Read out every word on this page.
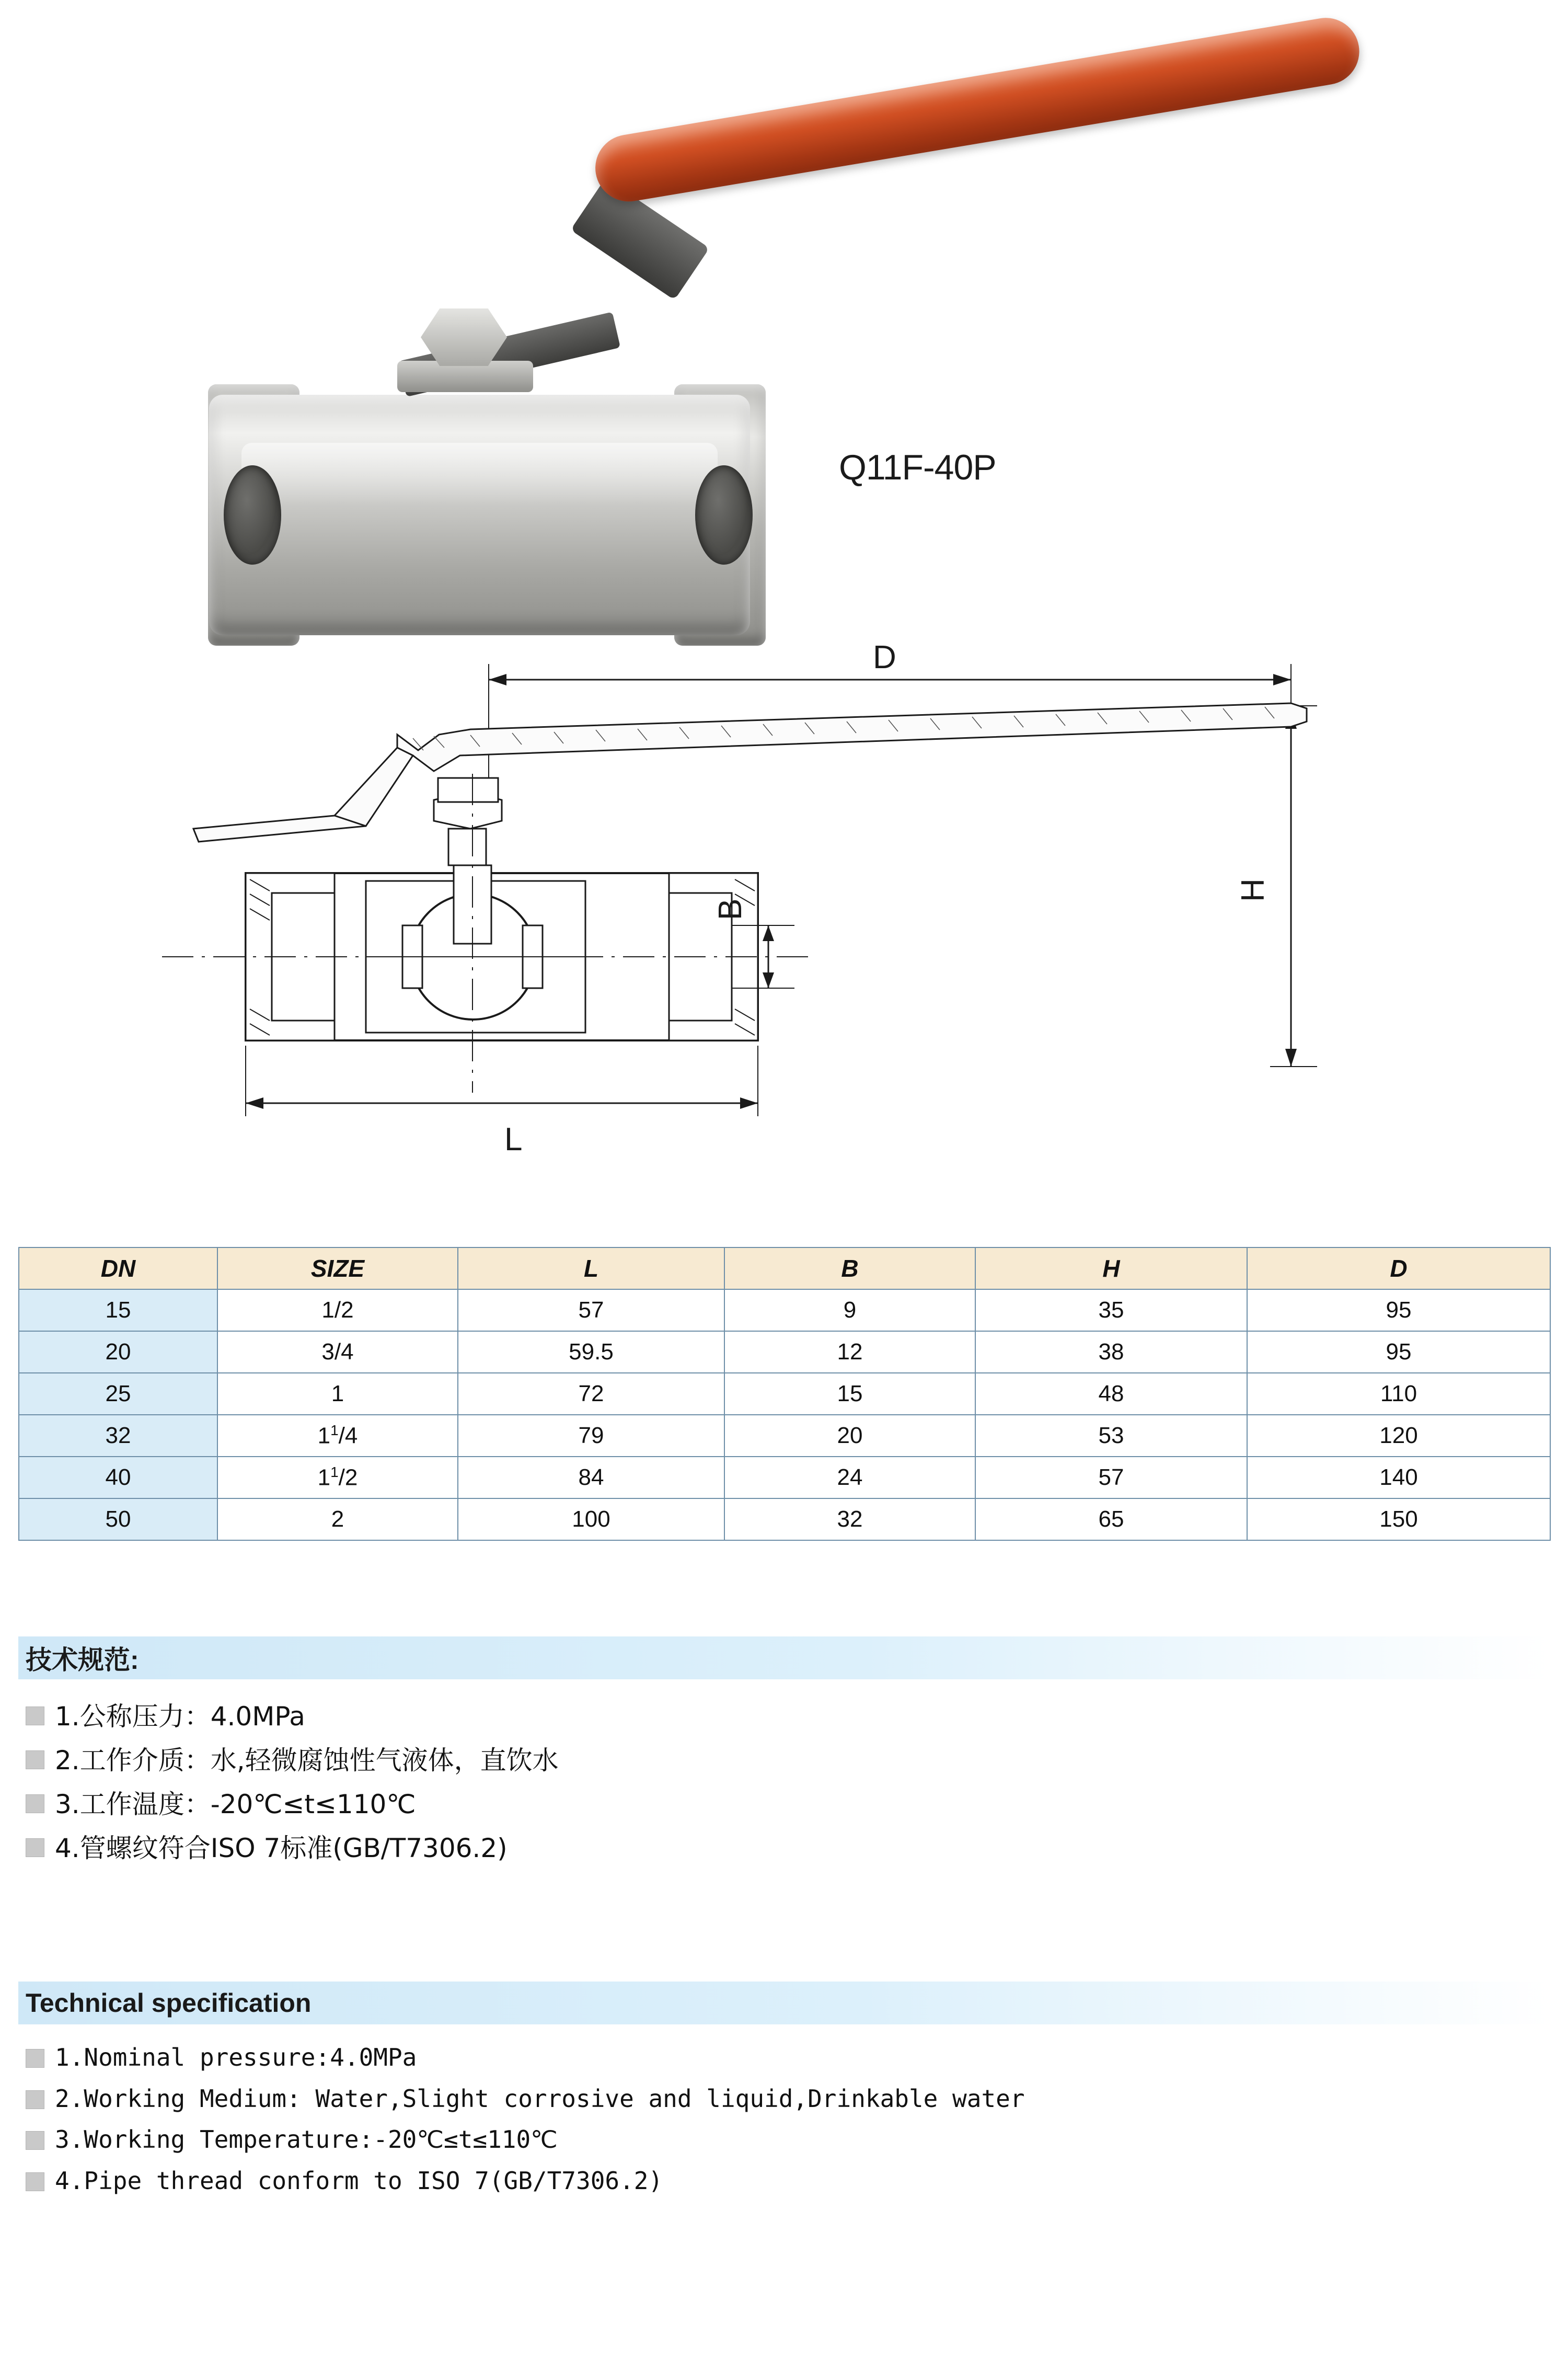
Q11F-40P
D
H
B
L
DN	SIZE	L	B	H	D
15	1/2	57	9	35	95
20	3/4	59.5	12	38	95
25	1	72	15	48	110
32	$1^1/4$	79	20	53	120
40	$1^1/2$	84	24	57	140
50	2	100	32	65	150
技术规范:
1.公称压力：4.0MPa
2.工作介质：水,轻微腐蚀性气液体，直饮水
3.工作温度：-20℃≤t≤110℃
4.管螺纹符合ISO 7标准(GB/T7306.2)
Technical specification
1.Nominal pressure:4.0MPa
2.Working Medium: Water,Slight corrosive and liquid,Drinkable water
3.Working Temperature:-20℃≤t≤110℃
4.Pipe thread conform to ISO 7(GB/T7306.2)
